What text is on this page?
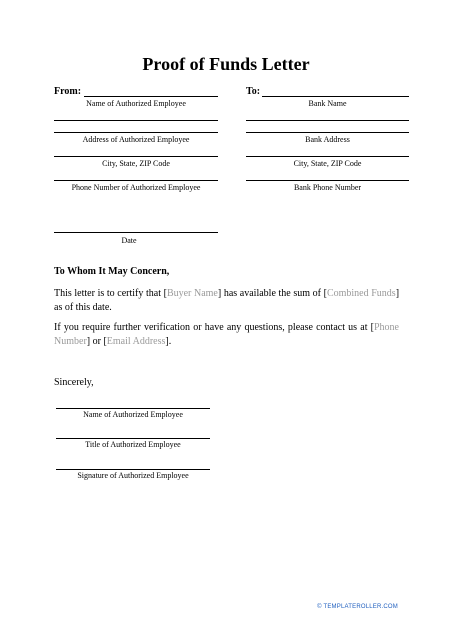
Proof of Funds Letter
From:
Name of Authorized Employee
Address of Authorized Employee
City, State, ZIP Code
Phone Number of Authorized Employee
To:
Bank Name
Bank Address
City, State, ZIP Code
Bank Phone Number
Date
To Whom It May Concern,
This letter is to certify that [Buyer Name] has available the sum of [Combined Funds] as of this date.
If you require further verification or have any questions, please contact us at [Phone Number] or [Email Address].
Sincerely,
Name of Authorized Employee
Title of Authorized Employee
Signature of Authorized Employee
© TEMPLATEROLLER.COM
